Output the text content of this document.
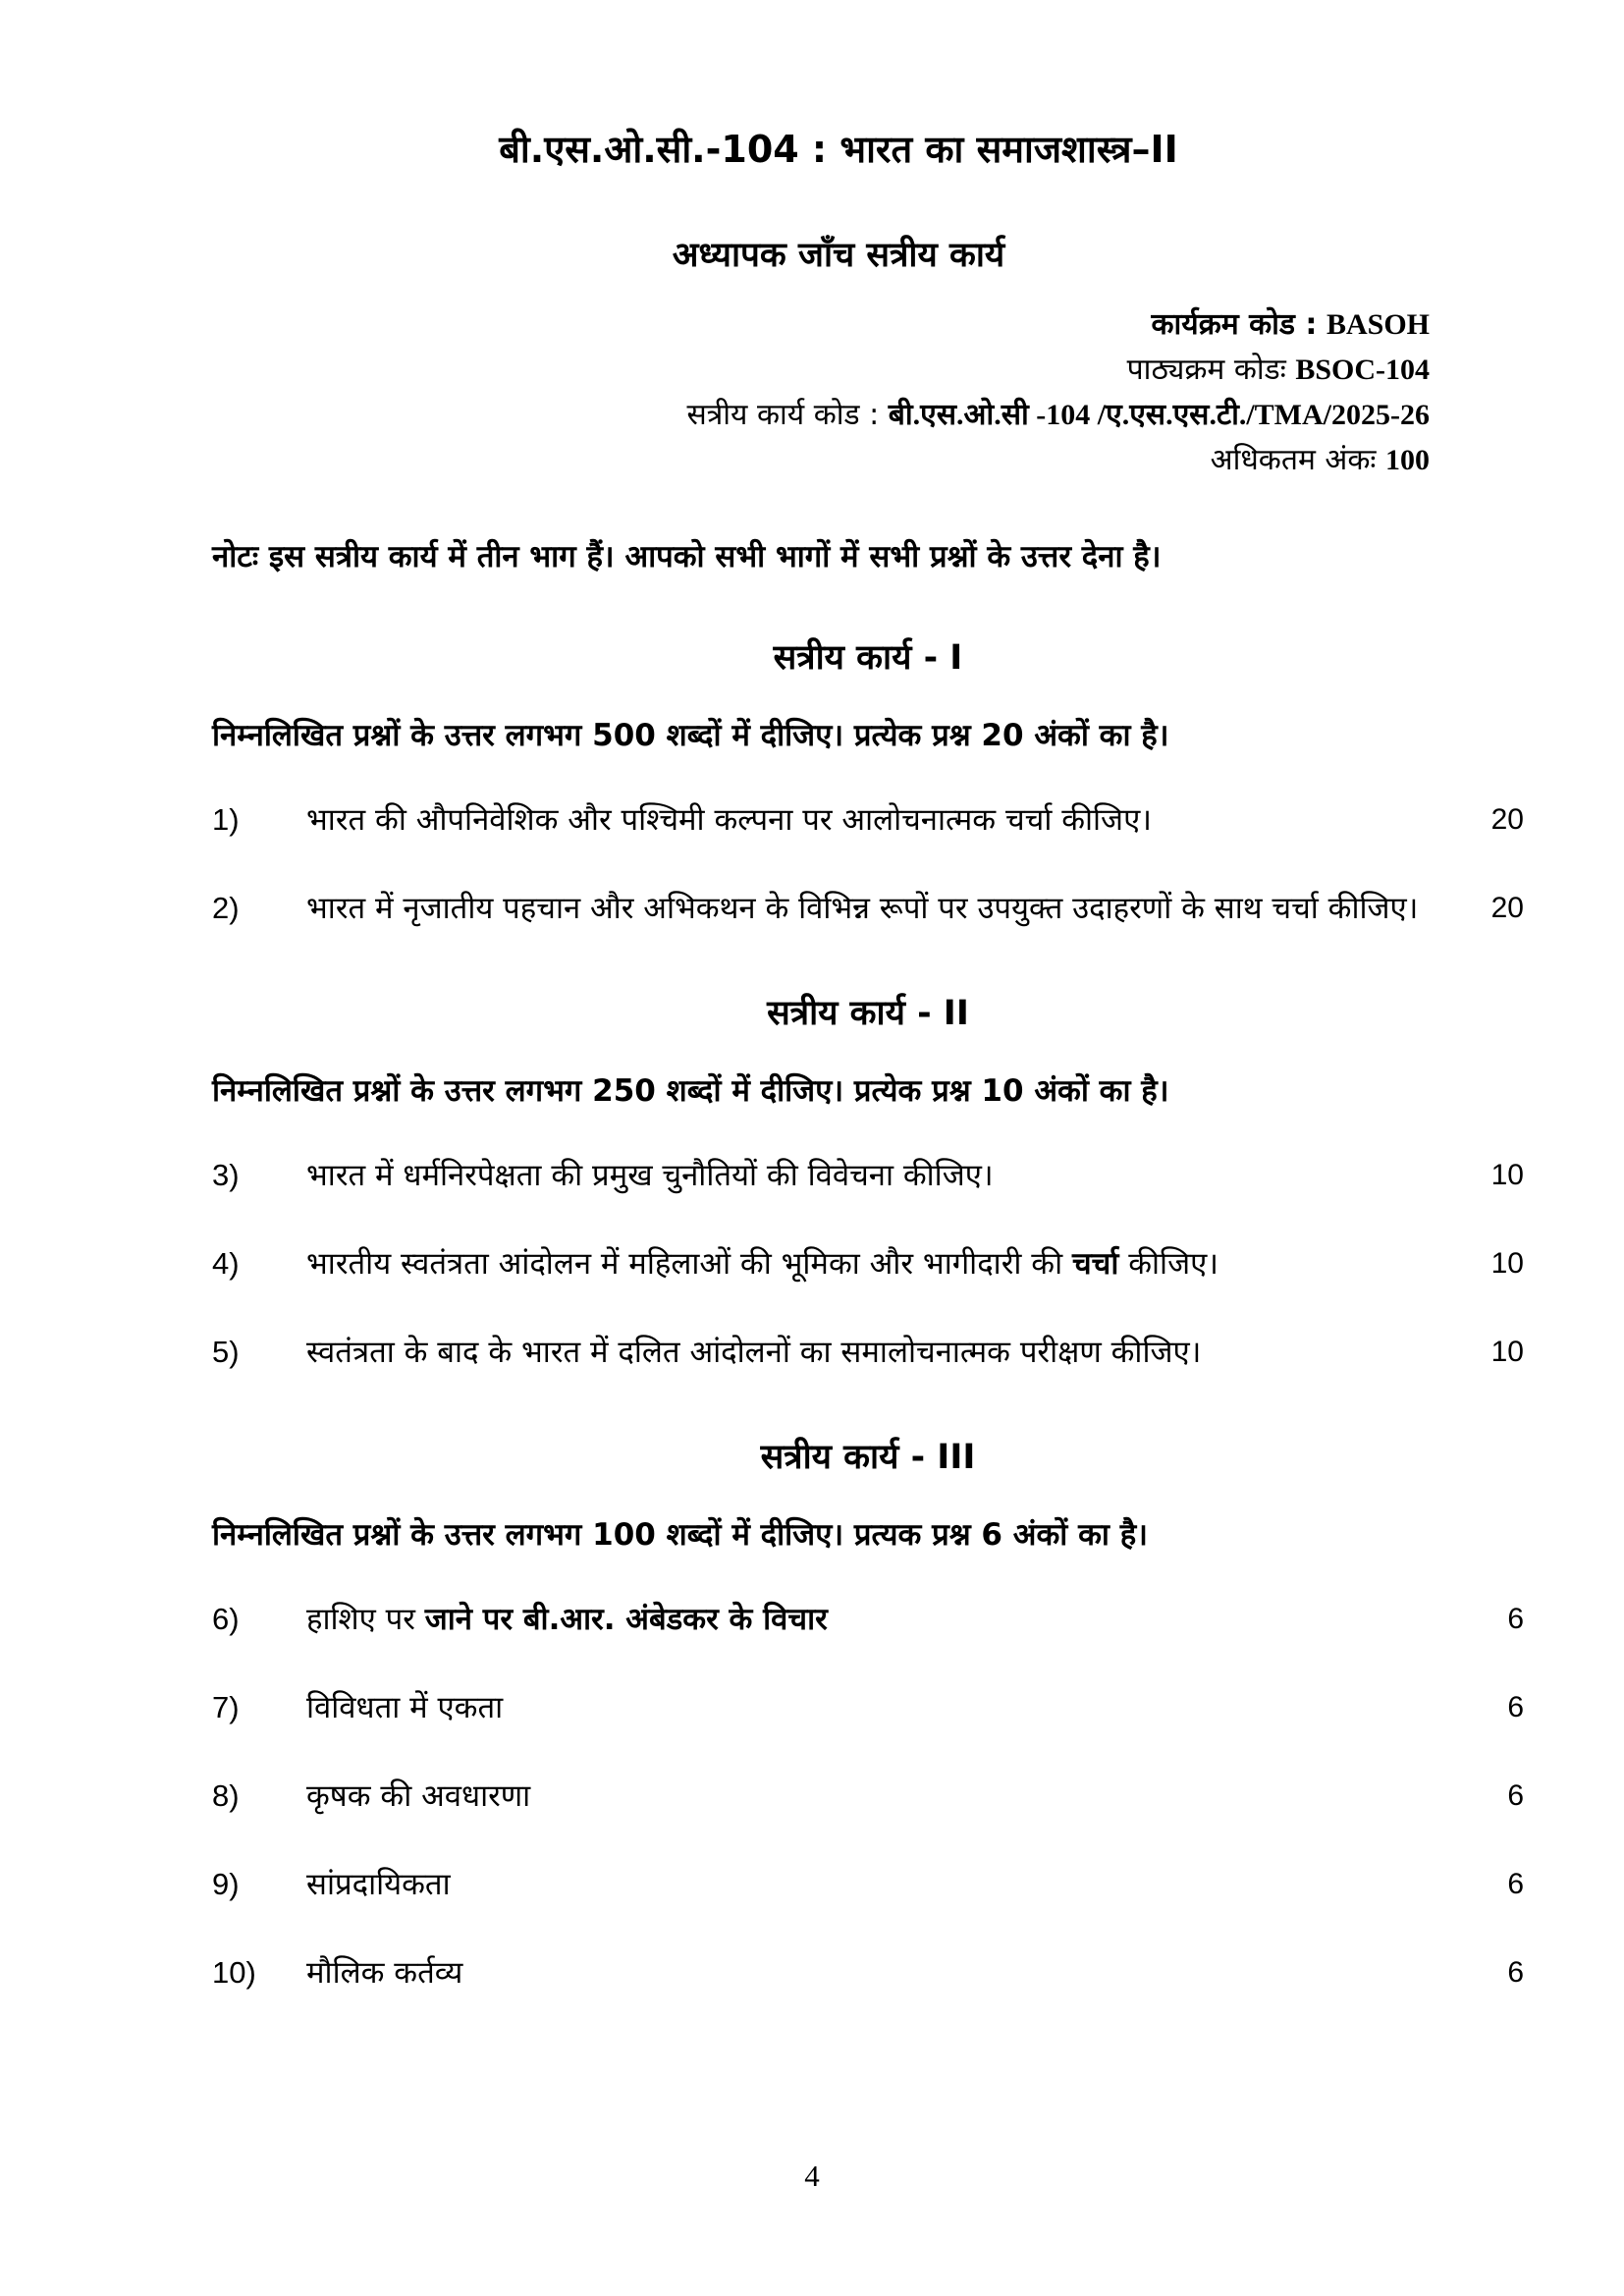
बी.एस.ओ.सी.-104 : भारत का समाजशास्त्र–II
अध्यापक जाँच सत्रीय कार्य
कार्यक्रम कोड : BASOH
पाठ्यक्रम कोडः BSOC-104
सत्रीय कार्य कोड : बी.एस.ओ.सी -104 /ए.एस.एस.टी./TMA/2025-26
अधिकतम अंकः 100

नोटः इस सत्रीय कार्य में तीन भाग हैं। आपको सभी भागों में सभी प्रश्नों के उत्तर देना है।

सत्रीय कार्य - I

निम्नलिखित प्रश्नों के उत्तर लगभग 500 शब्दों में दीजिए। प्रत्येक प्रश्न 20 अंकों का है।

1)	भारत की औपनिवेशिक और पश्चिमी कल्पना पर आलोचनात्मक चर्चा कीजिए।	20
2)	भारत में नृजातीय पहचान और अभिकथन के विभिन्न रूपों पर उपयुक्त उदाहरणों के साथ चर्चा कीजिए।	20
सत्रीय कार्य - II

निम्नलिखित प्रश्नों के उत्तर लगभग 250 शब्दों में दीजिए। प्रत्येक प्रश्न 10 अंकों का है।

3)	भारत में धर्मनिरपेक्षता की प्रमुख चुनौतियों की विवेचना कीजिए।	10
4)	भारतीय स्वतंत्रता आंदोलन में महिलाओं की भूमिका और भागीदारी की चर्चा कीजिए।	10
5)	स्वतंत्रता के बाद के भारत में दलित आंदोलनों का समालोचनात्मक परीक्षण कीजिए।	10
सत्रीय कार्य - III

निम्नलिखित प्रश्नों के उत्तर लगभग 100 शब्दों में दीजिए। प्रत्यक प्रश्न 6 अंकों का है।

6)	हाशिए पर जाने पर बी.आर. अंबेडकर के विचार	6
7)	विविधता में एकता	6
8)	कृषक की अवधारणा	6
9)	सांप्रदायिकता	6
10)	मौलिक कर्तव्य	6
4
